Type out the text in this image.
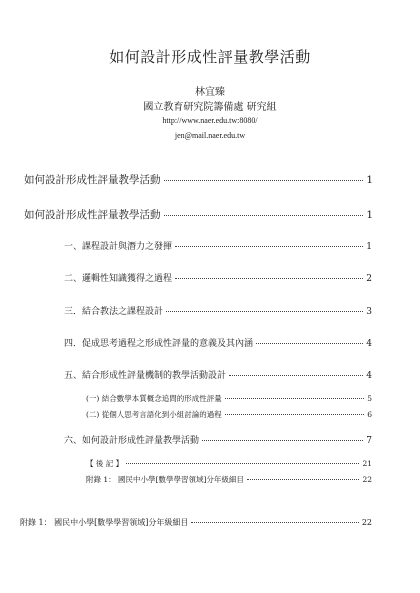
如何設計形成性評量教學活動
林宜臻
國立教育研究院籌備處 研究組
http://www.naer.edu.tw:8080/
jen@mail.naer.edu.tw
如何設計形成性評量教學活動	1
如何設計形成性評量教學活動	1
一、課程設計與潛力之發揮	1
二、邏輯性知識獲得之過程	2
三．結合教法之課程設計	3
四．促成思考過程之形成性評量的意義及其內涵	4
五、結合形成性評量機制的教學活動設計	4
(一) 結合數學本質概念追問的形成性評量	5
(二) 從個人思考言語化到小組討論的過程	6
六、如何設計形成性評量教學活動	7
【 後 記 】	21
附錄 1： 國民中小學[數學學習領域]分年級細目	22
附錄 1： 國民中小學[數學學習領域]分年級細目	22
